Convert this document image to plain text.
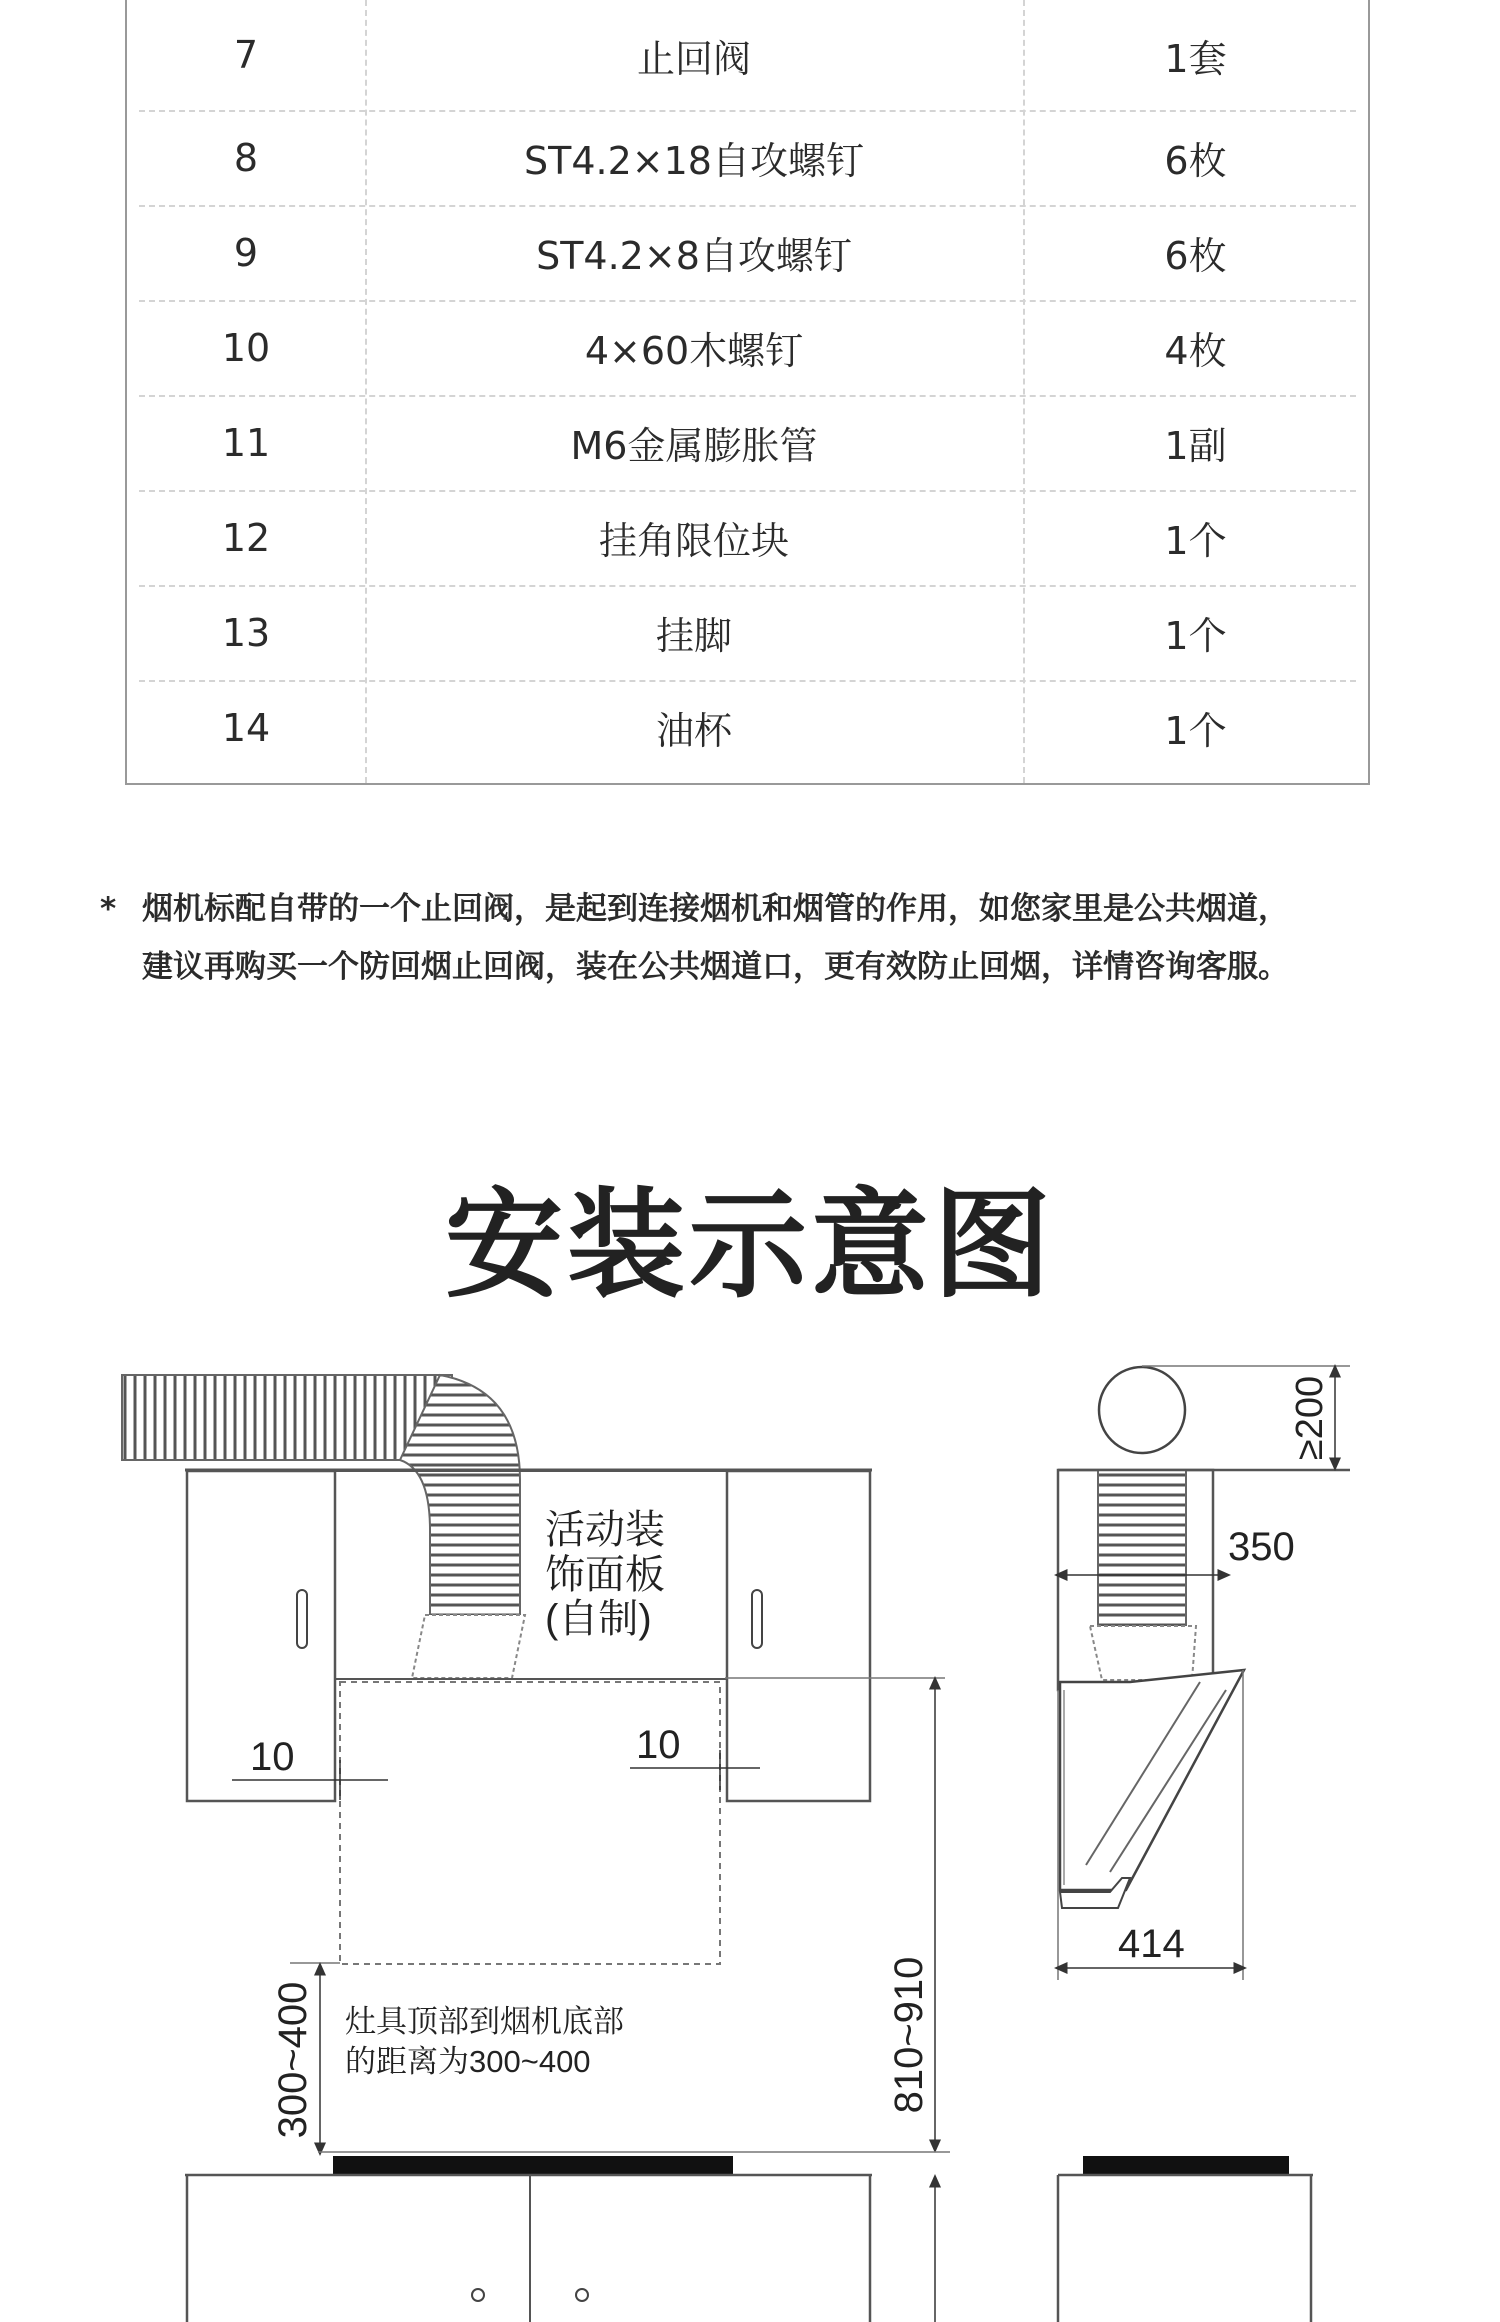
7	止回阀	1套
8	ST4.2×18自攻螺钉	6枚
9	ST4.2×8自攻螺钉	6枚
10	4×60木螺钉	4枚
11	M6金属膨胀管	1副
12	挂角限位块	1个
13	挂脚	1个
14	油杯	1个
* 烟机标配自带的一个止回阀，是起到连接烟机和烟管的作用，如您家里是公共烟道，
建议再购买一个防回烟止回阀，装在公共烟道口，更有效防止回烟，详情咨询客服。
安装示意图
活动装
饰面板
(自制)
10	10
810~910
300~400 灶具顶部到烟机底部
的距离为300~400
≥200
350
414
